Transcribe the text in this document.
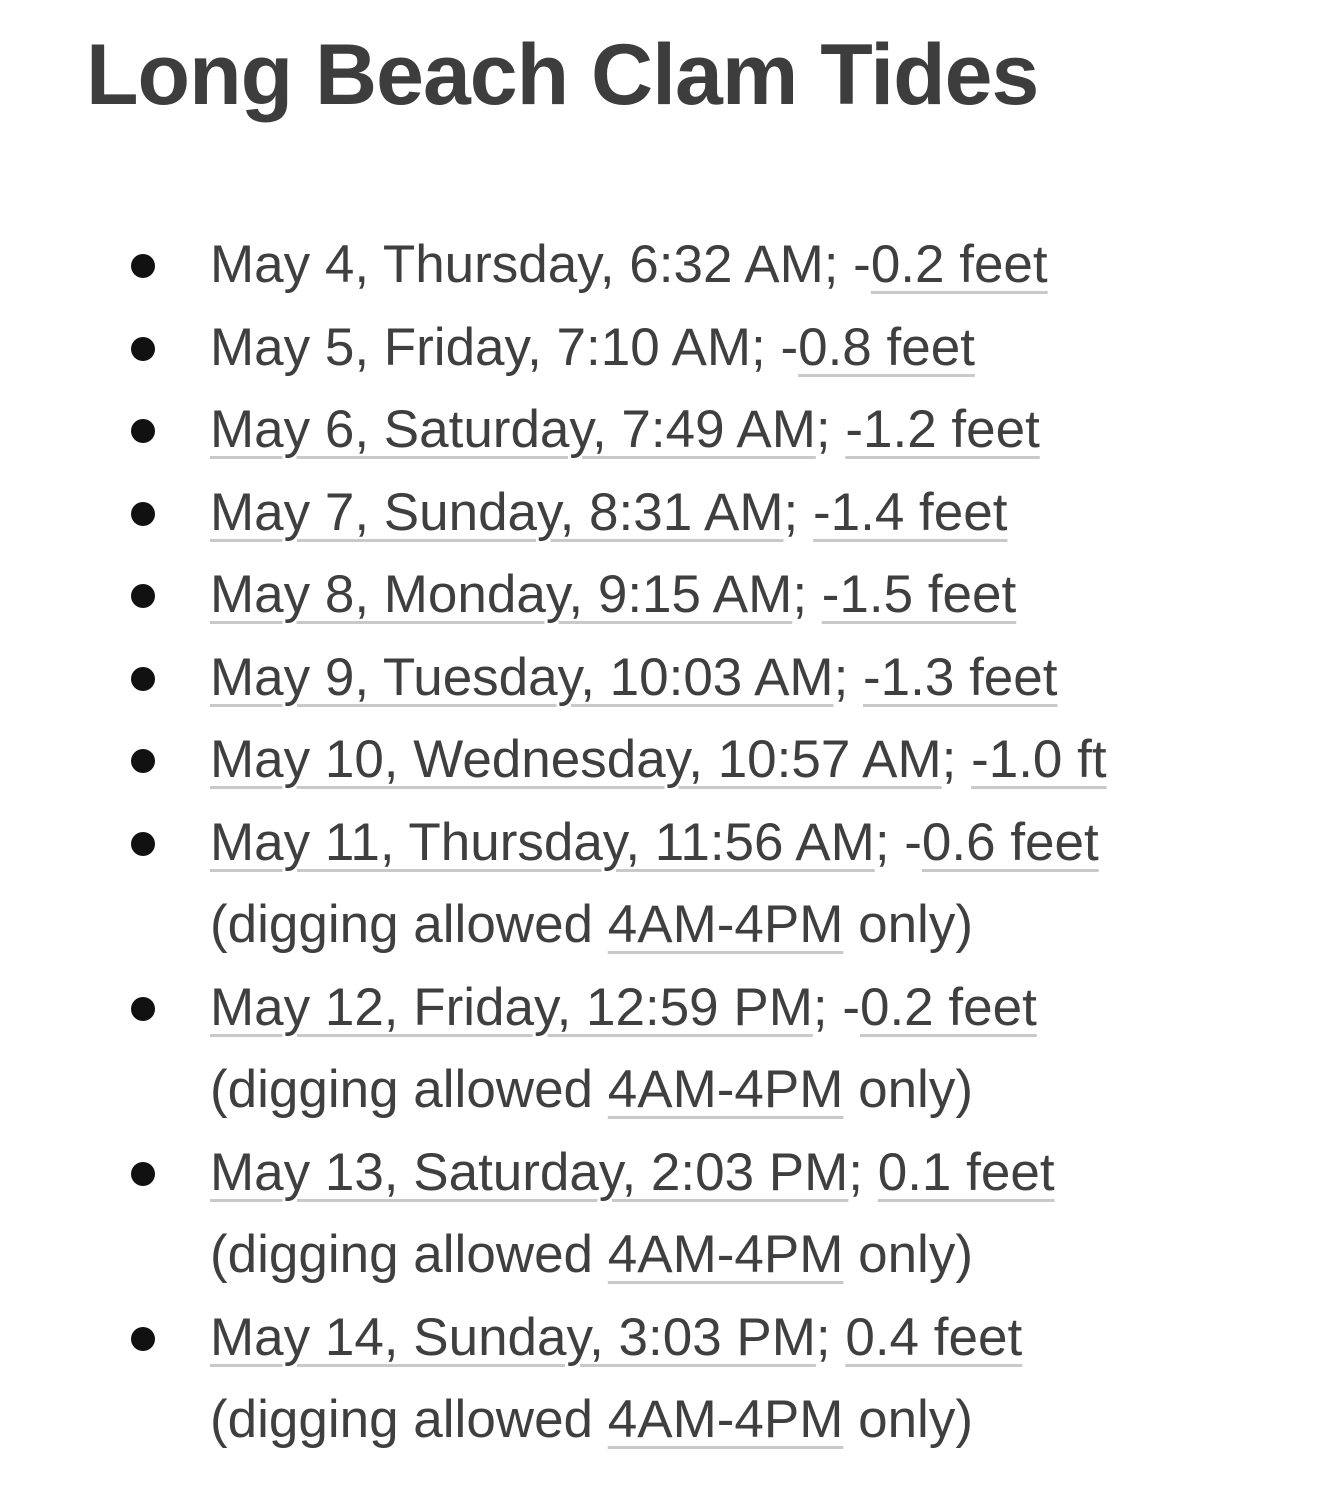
Long Beach Clam Tides
May 4, Thursday, 6:32 AM; -0.2 feet
May 5, Friday, 7:10 AM; -0.8 feet
May 6, Saturday, 7:49 AM; -1.2 feet
May 7, Sunday, 8:31 AM; -1.4 feet
May 8, Monday, 9:15 AM; -1.5 feet
May 9, Tuesday, 10:03 AM; -1.3 feet
May 10, Wednesday, 10:57 AM; -1.0 ft
May 11, Thursday, 11:56 AM; -0.6 feet
(digging allowed 4AM-4PM only)
May 12, Friday, 12:59 PM; -0.2 feet
(digging allowed 4AM-4PM only)
May 13, Saturday, 2:03 PM; 0.1 feet
(digging allowed 4AM-4PM only)
May 14, Sunday, 3:03 PM; 0.4 feet
(digging allowed 4AM-4PM only)
